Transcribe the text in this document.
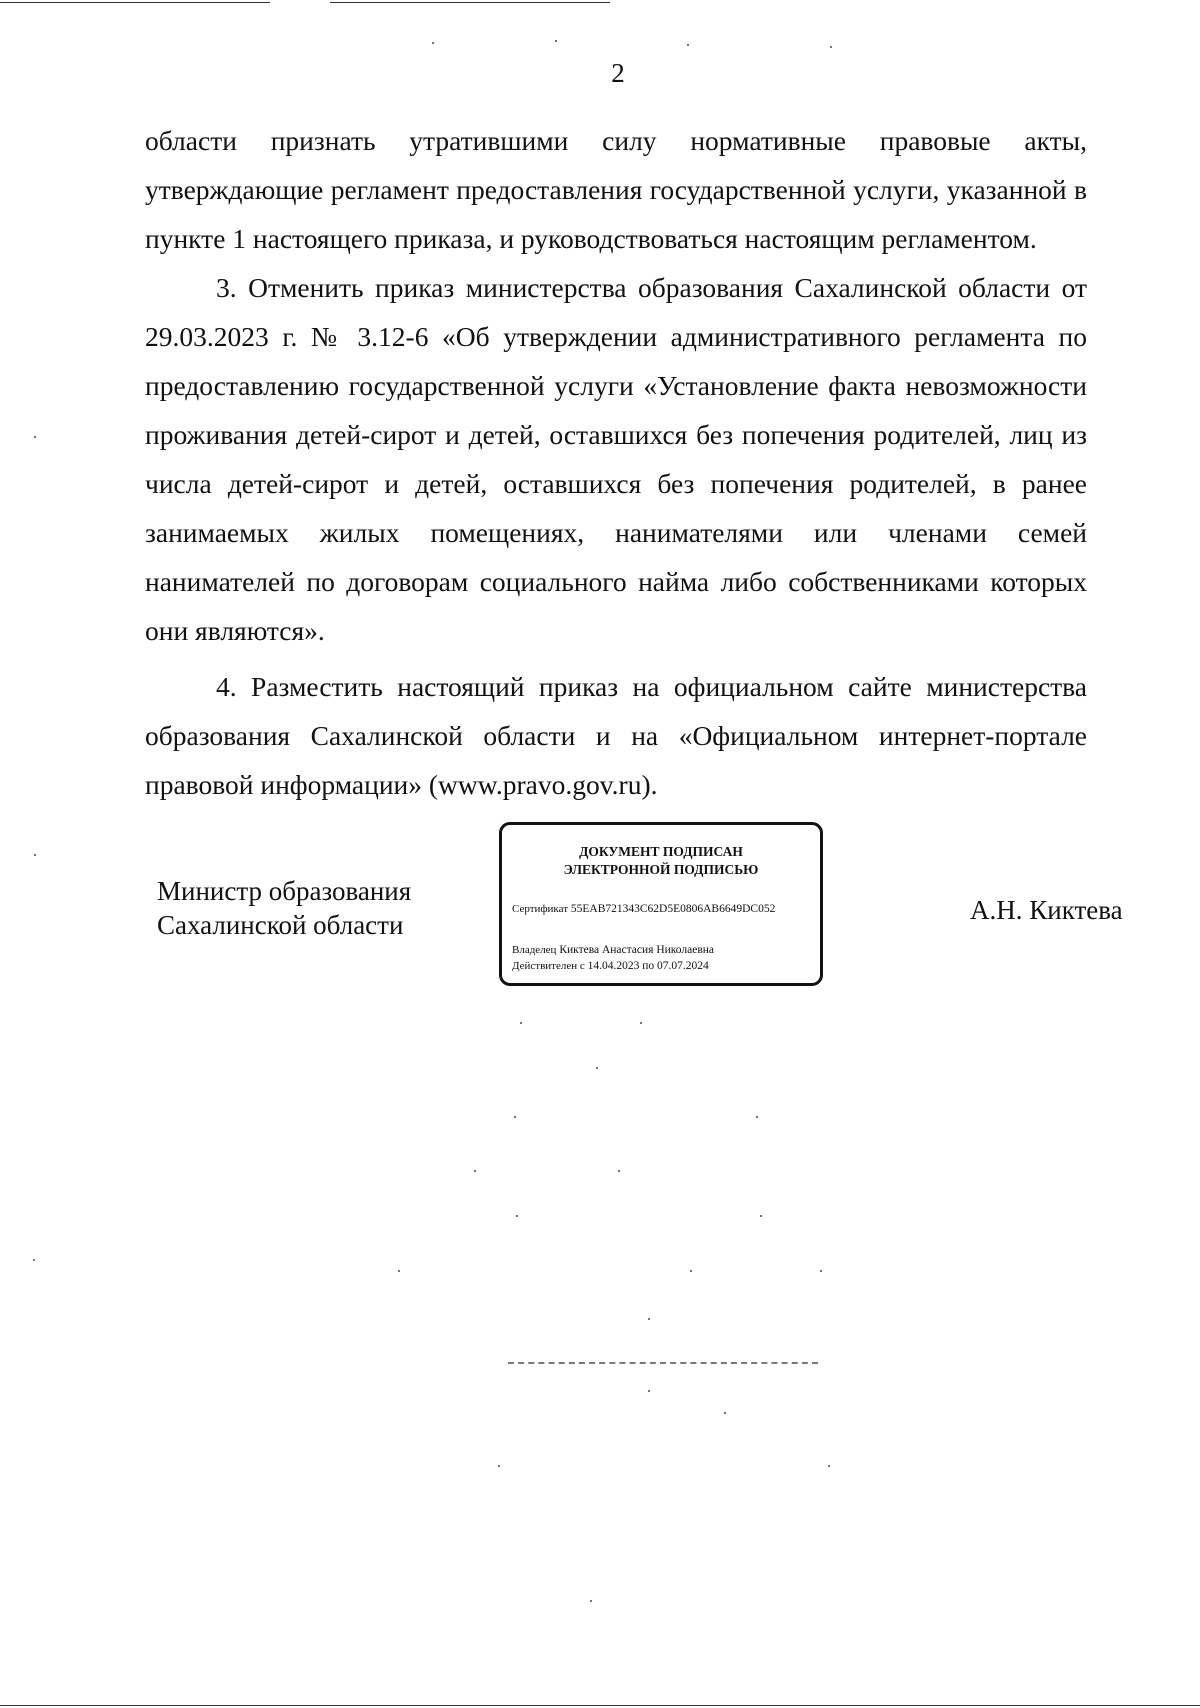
2

области признать утратившими силу нормативные правовые акты, утверждающие регламент предоставления государственной услуги, указанной в пункте 1 настоящего приказа, и руководствоваться настоящим регламентом.

3. Отменить приказ министерства образования Сахалинской области от 29.03.2023 г. № 3.12-6 «Об утверждении административного регламента по предоставлению государственной услуги «Установление факта невозможности проживания детей-сирот и детей, оставшихся без попечения родителей, лиц из числа детей-сирот и детей, оставшихся без попечения родителей, в ранее занимаемых жилых помещениях, нанимателями или членами семей нанимателей по договорам социального найма либо собственниками которых они являются».

4. Разместить настоящий приказ на официальном сайте министерства образования Сахалинской области и на «Официальном интернет-портале правовой информации» (www.pravo.gov.ru).

Министр образования
Сахалинской области
ДОКУМЕНТ ПОДПИСАН
ЭЛЕКТРОННОЙ ПОДПИСЬЮ
Сертификат 55EAB721343C62D5E0806AB6649DC052
Владелец Киктева Анастасия Николаевна
Действителен с 14.04.2023 по 07.07.2024
А.Н. Киктева
